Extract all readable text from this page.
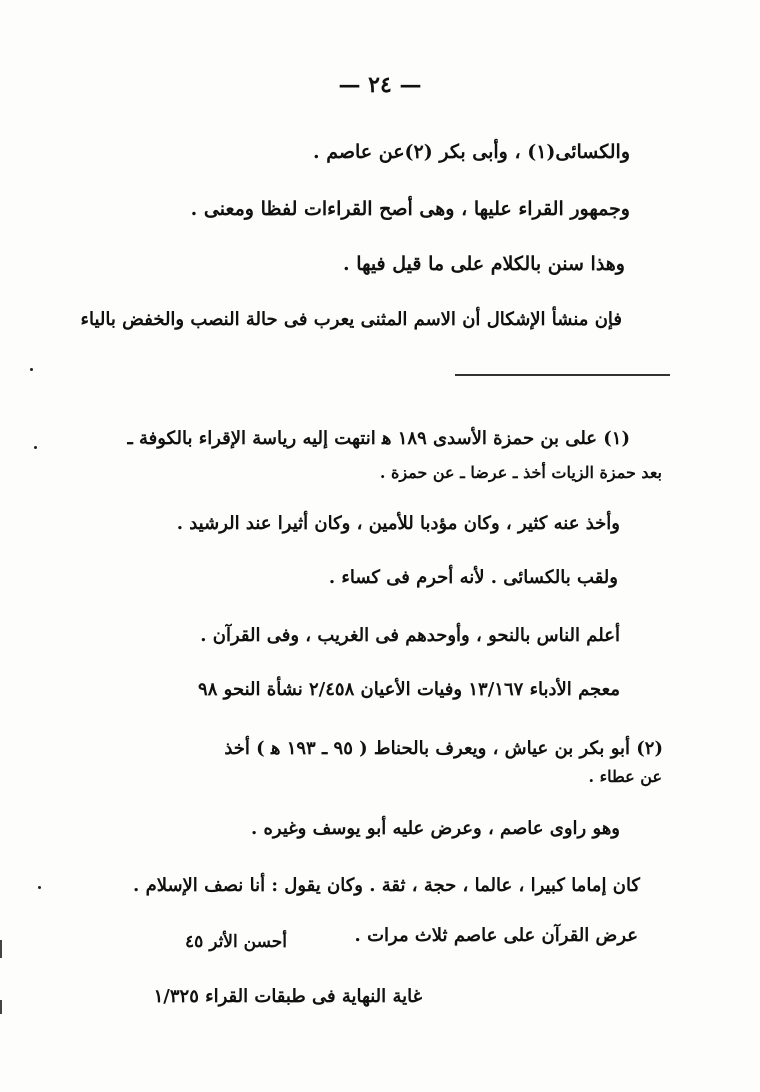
— ٢٤ —
والكسائى(١) ، وأبى بكر (٢)عن عاصم .
وجمهور القراء عليها ، وهى أصح القراءات لفظا ومعنى .
وهذا سنن بالكلام على ما قيل فيها .
فإن منشأ الإشكال أن الاسم المثنى يعرب فى حالة النصب والخفض بالياء
(١) على بن حمزة الأسدى ١٨٩ ﻫ انتهت إليه رياسة الإقراء بالكوفة ـ
بعد حمزة الزيات أخذ ـ عرضا ـ عن حمزة .
وأخذ عنه كثير ، وكان مؤدبا للأمين ، وكان أثيرا عند الرشيد .
ولقب بالكسائى . لأنه أحرم فى كساء .
أعلم الناس بالنحو ، وأوحدهم فى الغريب ، وفى القرآن .
معجم الأدباء ١٣/١٦٧ وفيات الأعيان ٢/٤٥٨ نشأة النحو ٩٨
(٢) أبو بكر بن عياش ، ويعرف بالحناط ( ٩٥ ـ ١٩٣ ﻫ ) أخذ
عن عطاء .
وهو راوى عاصم ، وعرض عليه أبو يوسف وغيره .
كان إماما كبيرا ، عالما ، حجة ، ثقة . وكان يقول : أنا نصف الإسلام .
عرض القرآن على عاصم ثلاث مرات .
أحسن الأثر ٤٥
غاية النهاية فى طبقات القراء ١/٣٢٥
